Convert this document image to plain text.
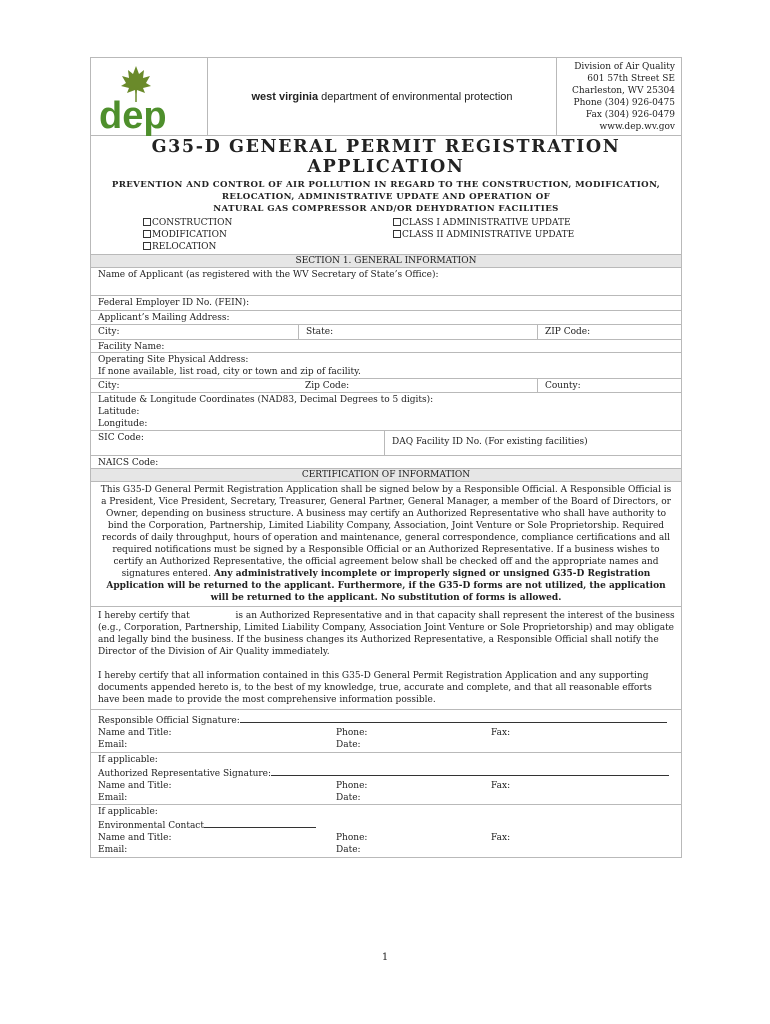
dep	west virginia department of environmental protection
Division of Air Quality
601 57th Street SE
Charleston, WV 25304
Phone (304) 926-0475
Fax (304) 926-0479
www.dep.wv.gov
G35-D GENERAL PERMIT REGISTRATION APPLICATION
PREVENTION AND CONTROL OF AIR POLLUTION IN REGARD TO THE CONSTRUCTION, MODIFICATION,
RELOCATION, ADMINISTRATIVE UPDATE AND OPERATION OF
NATURAL GAS COMPRESSOR AND/OR DEHYDRATION FACILITIES
CONSTRUCTION
MODIFICATION
RELOCATION
CLASS I ADMINISTRATIVE UPDATE
CLASS II ADMINISTRATIVE UPDATE
SECTION 1. GENERAL INFORMATION
Name of Applicant (as registered with the WV Secretary of State’s Office):
Federal Employer ID No. (FEIN):
Applicant’s Mailing Address:
City:	State:	ZIP Code:
Facility Name:
Operating Site Physical Address:
If none available, list road, city or town and zip of facility.
City:	Zip Code:	County:
Latitude & Longitude Coordinates (NAD83, Decimal Degrees to 5 digits):
Latitude:
Longitude:
SIC Code:	DAQ Facility ID No. (For existing facilities)
NAICS Code:
CERTIFICATION OF INFORMATION
This G35-D General Permit Registration Application shall be signed below by a Responsible Official. A Responsible Official is a President, Vice President, Secretary, Treasurer, General Partner, General Manager, a member of the Board of Directors, or Owner, depending on business structure. A business may certify an Authorized Representative who shall have authority to bind the Corporation, Partnership, Limited Liability Company, Association, Joint Venture or Sole Proprietorship. Required records of daily throughput, hours of operation and maintenance, general correspondence, compliance certifications and all required notifications must be signed by a Responsible Official or an Authorized Representative. If a business wishes to certify an Authorized Representative, the official agreement below shall be checked off and the appropriate names and signatures entered. Any administratively incomplete or improperly signed or unsigned G35-D Registration Application will be returned to the applicant. Furthermore, if the G35-D forms are not utilized, the application will be returned to the applicant. No substitution of forms is allowed.
I hereby certify that	is an Authorized Representative and in that capacity shall represent the interest of the business (e.g., Corporation, Partnership, Limited Liability Company, Association Joint Venture or Sole Proprietorship) and may obligate and legally bind the business. If the business changes its Authorized Representative, a Responsible Official shall notify the Director of the Division of Air Quality immediately.
I hereby certify that all information contained in this G35-D General Permit Registration Application and any supporting documents appended hereto is, to the best of my knowledge, true, accurate and complete, and that all reasonable efforts have been made to provide the most comprehensive information possible.
Responsible Official Signature:
Name and Title:	Phone:	Fax:
Email:	Date:
If applicable:
Authorized Representative Signature:
Name and Title:	Phone:	Fax:
Email:	Date:
If applicable:
Environmental Contact
Name and Title:	Phone:	Fax:
Email:	Date:
1
